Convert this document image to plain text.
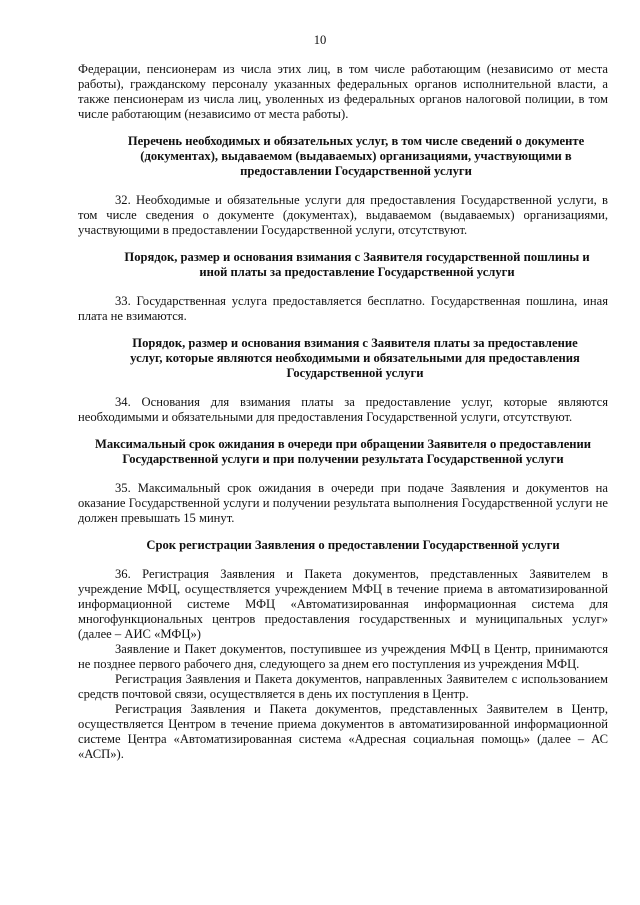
10

Федерации, пенсионерам из числа этих лиц, в том числе работающим (независимо от места работы), гражданскому персоналу указанных федеральных органов исполнительной власти, а также пенсионерам из числа лиц, уволенных из федеральных органов налоговой полиции, в том числе работающим (независимо от места работы).

Перечень необходимых и обязательных услуг, в том числе сведений о документе (документах), выдаваемом (выдаваемых) организациями, участвующими в предоставлении Государственной услуги

32. Необходимые и обязательные услуги для предоставления Государственной услуги, в том числе сведения о документе (документах), выдаваемом (выдаваемых) организациями, участвующими в предоставлении Государственной услуги, отсутствуют.

Порядок, размер и основания взимания с Заявителя государственной пошлины и иной платы за предоставление Государственной услуги

33. Государственная услуга предоставляется бесплатно. Государственная пошлина, иная плата не взимаются.

Порядок, размер и основания взимания с Заявителя платы за предоставление услуг, которые являются необходимыми и обязательными для предоставления Государственной услуги

34. Основания для взимания платы за предоставление услуг, которые являются необходимыми и обязательными для предоставления Государственной услуги, отсутствуют.

Максимальный срок ожидания в очереди при обращении Заявителя о предоставлении Государственной услуги и при получении результата Государственной услуги

35. Максимальный срок ожидания в очереди при подаче Заявления и документов на оказание Государственной услуги и получении результата выполнения Государственной услуги не должен превышать 15 минут.

Срок регистрации Заявления о предоставлении Государственной услуги

36. Регистрация Заявления и Пакета документов, представленных Заявителем в учреждение МФЦ, осуществляется учреждением МФЦ в течение приема в автоматизированной информационной системе МФЦ «Автоматизированная информационная система для многофункциональных центров предоставления государственных и муниципальных услуг» (далее – АИС «МФЦ»)

Заявление и Пакет документов, поступившее из учреждения МФЦ в Центр, принимаются не позднее первого рабочего дня, следующего за днем его поступления из учреждения МФЦ.

Регистрация Заявления и Пакета документов, направленных Заявителем с использованием средств почтовой связи, осуществляется в день их поступления в Центр.

Регистрация Заявления и Пакета документов, представленных Заявителем в Центр, осуществляется Центром в течение приема документов в автоматизированной информационной системе Центра «Автоматизированная система «Адресная социальная помощь» (далее – АС «АСП»).
